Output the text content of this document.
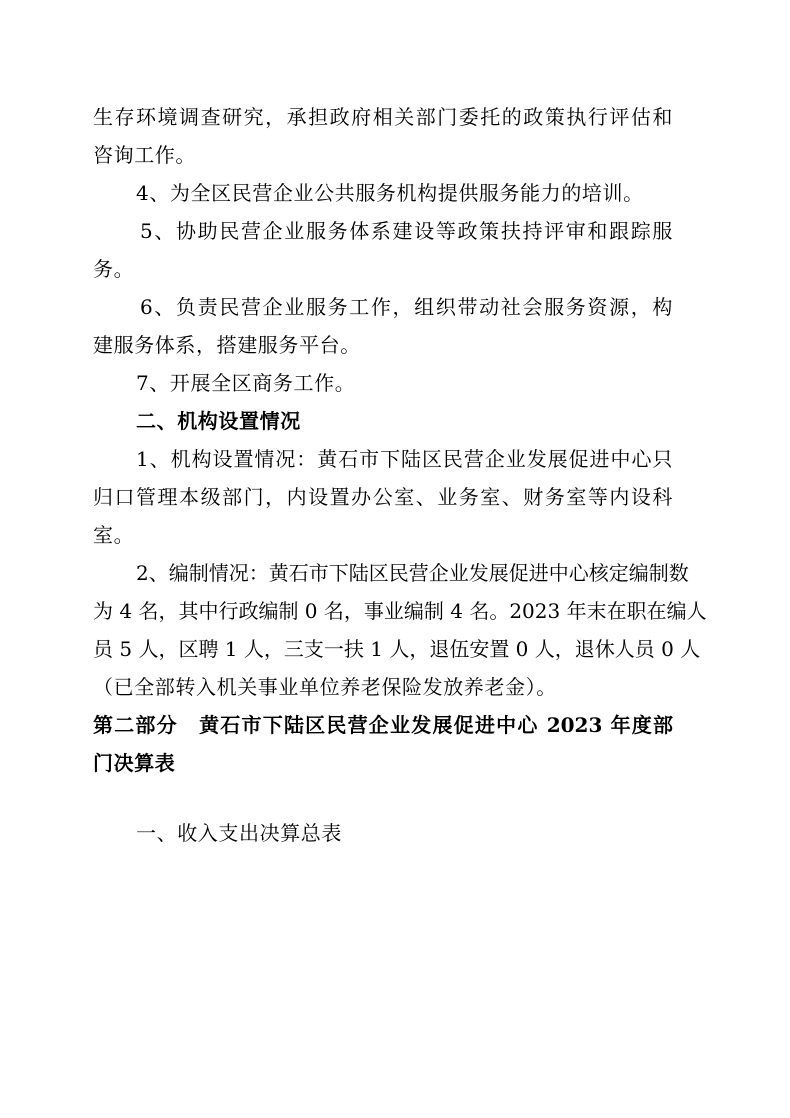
生存环境调查研究，承担政府相关部门委托的政策执行评估和
咨询工作。
4、为全区民营企业公共服务机构提供服务能力的培训。
5、协助民营企业服务体系建设等政策扶持评审和跟踪服
务。
6、负责民营企业服务工作，组织带动社会服务资源，构
建服务体系，搭建服务平台。
7、开展全区商务工作。
二、机构设置情况
1、机构设置情况：黄石市下陆区民营企业发展促进中心只
归口管理本级部门，内设置办公室、业务室、财务室等内设科
室。
2、编制情况：黄石市下陆区民营企业发展促进中心核定编制数
为 4 名，其中行政编制 0 名，事业编制 4 名。2023 年末在职在编人
员 5 人，区聘 1 人，三支一扶 1 人，退伍安置 0 人，退休人员 0 人
（已全部转入机关事业单位养老保险发放养老金）。
第二部分　黄石市下陆区民营企业发展促进中心 2023 年度部
门决算表
一、收入支出决算总表
